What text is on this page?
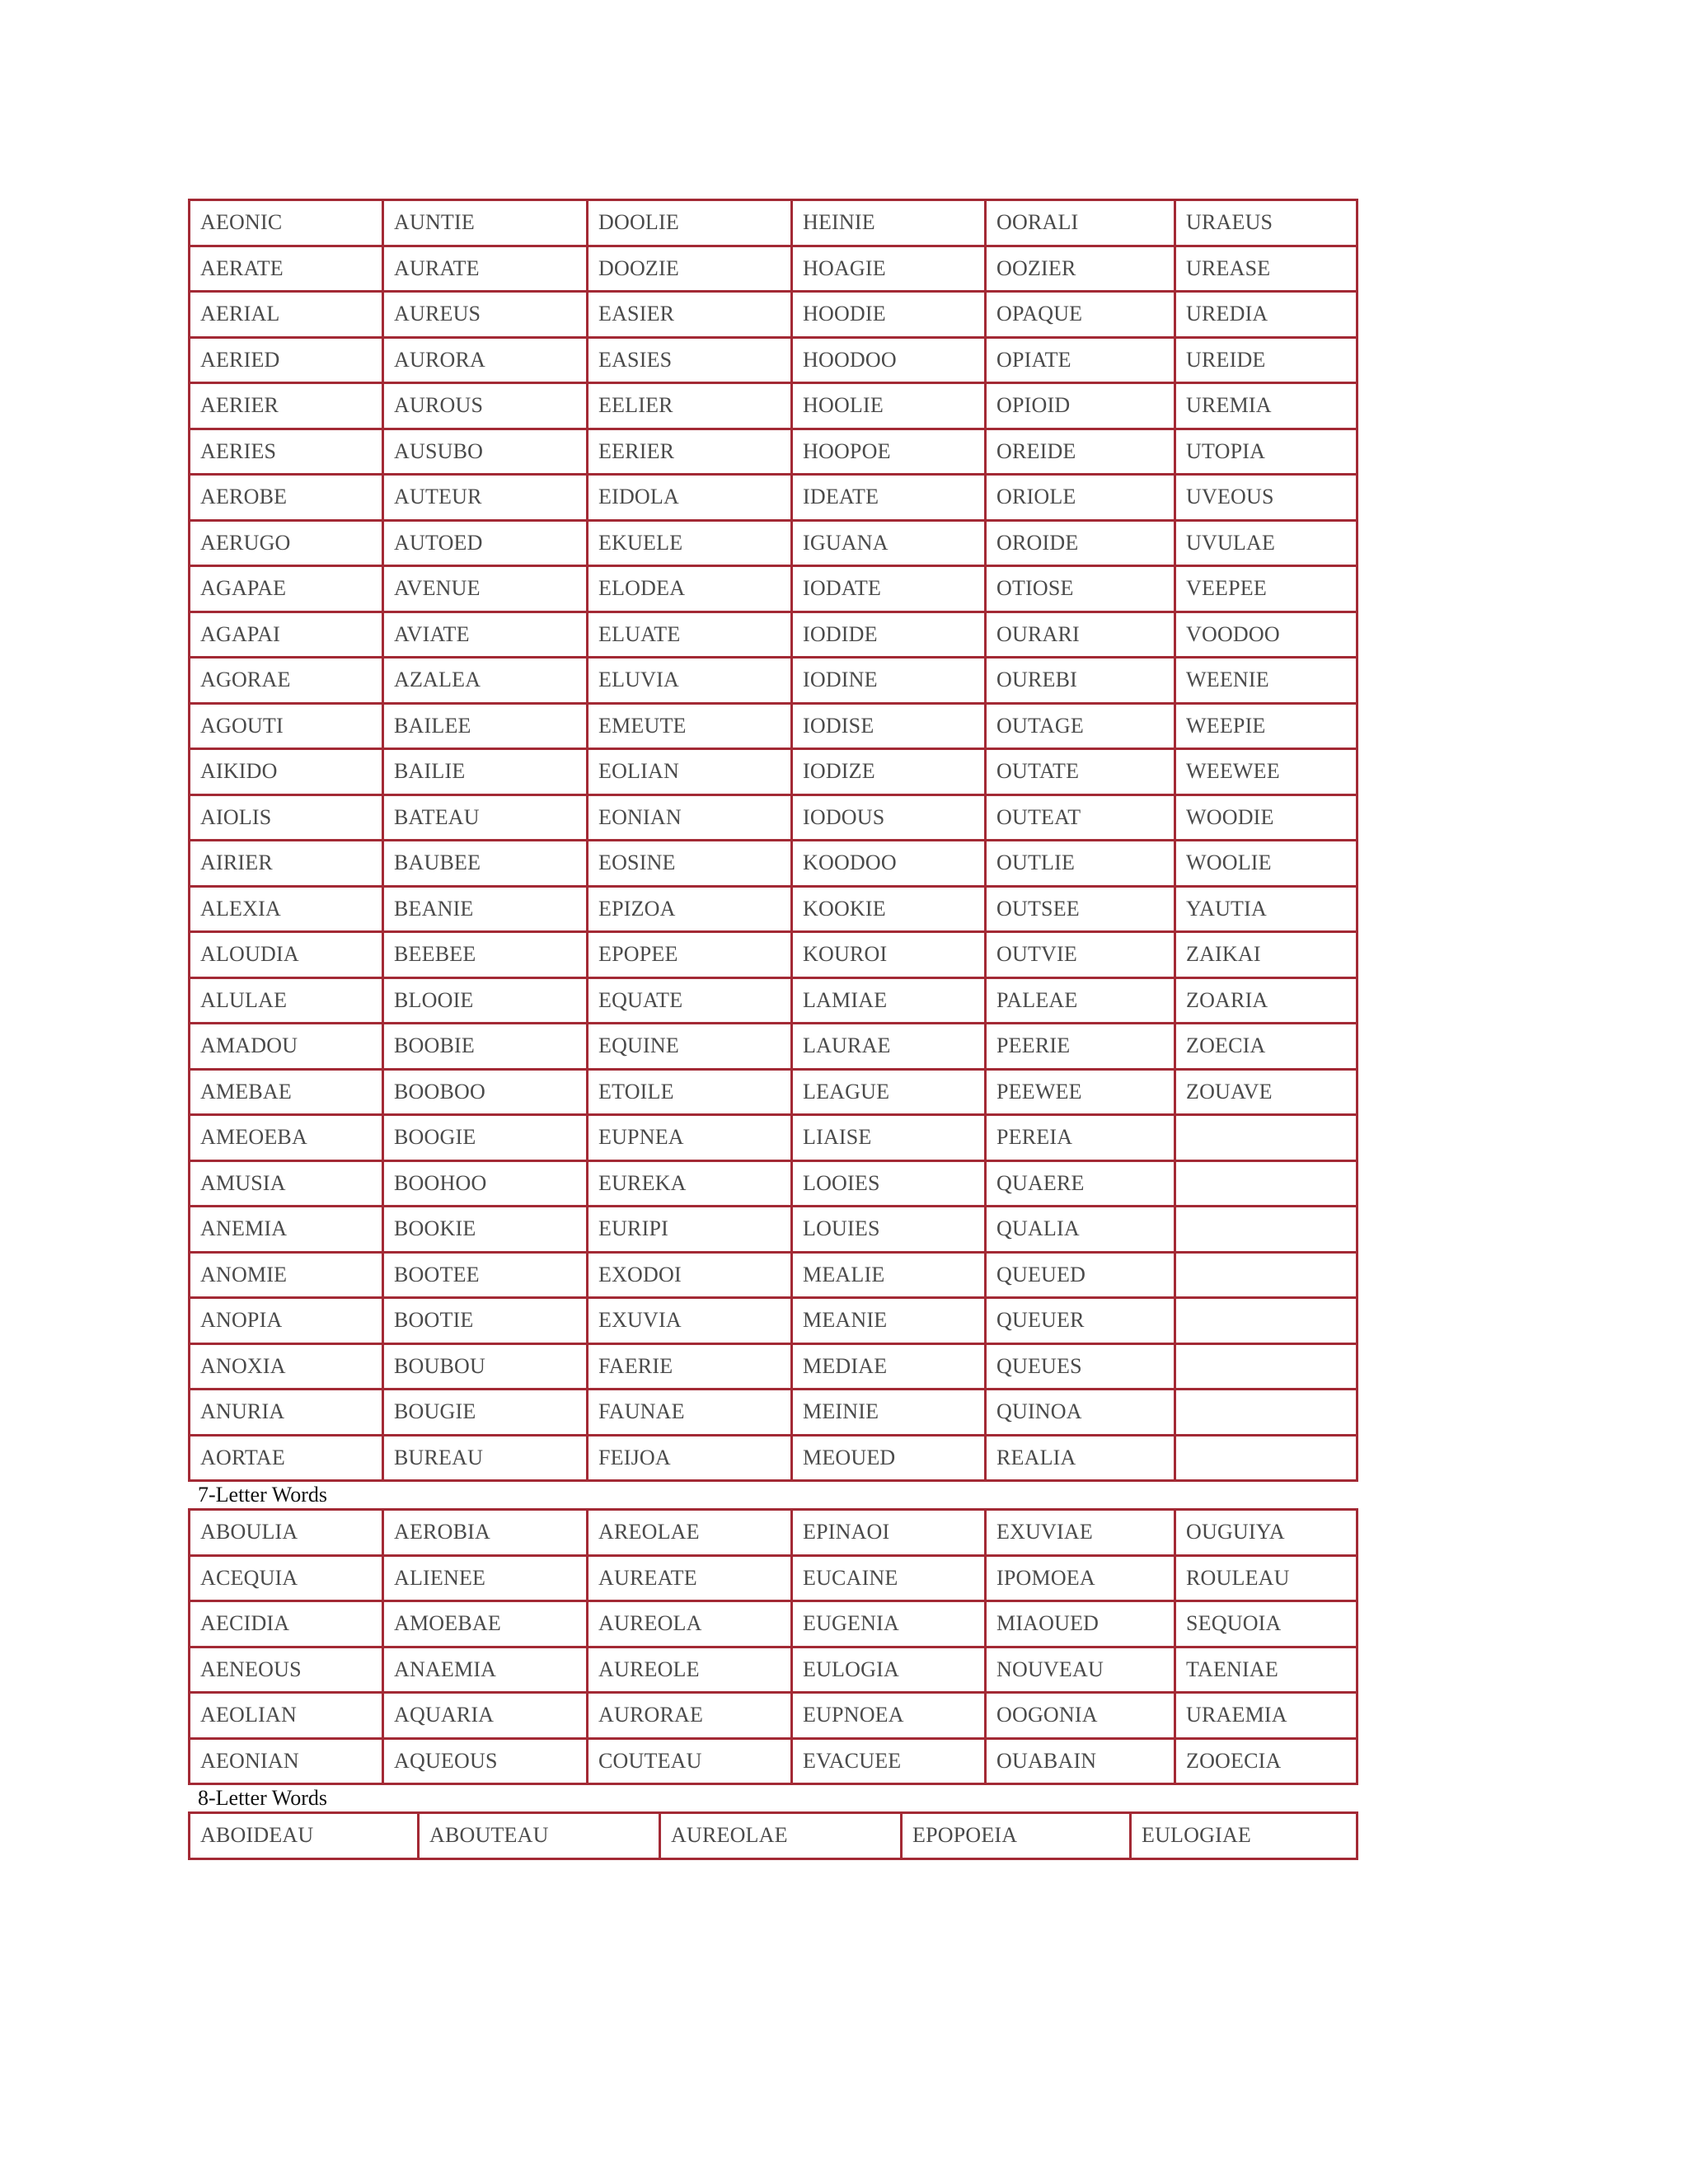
AEONIC	AUNTIE	DOOLIE	HEINIE	OORALI	URAEUS
AERATE	AURATE	DOOZIE	HOAGIE	OOZIER	UREASE
AERIAL	AUREUS	EASIER	HOODIE	OPAQUE	UREDIA
AERIED	AURORA	EASIES	HOODOO	OPIATE	UREIDE
AERIER	AUROUS	EELIER	HOOLIE	OPIOID	UREMIA
AERIES	AUSUBO	EERIER	HOOPOE	OREIDE	UTOPIA
AEROBE	AUTEUR	EIDOLA	IDEATE	ORIOLE	UVEOUS
AERUGO	AUTOED	EKUELE	IGUANA	OROIDE	UVULAE
AGAPAE	AVENUE	ELODEA	IODATE	OTIOSE	VEEPEE
AGAPAI	AVIATE	ELUATE	IODIDE	OURARI	VOODOO
AGORAE	AZALEA	ELUVIA	IODINE	OUREBI	WEENIE
AGOUTI	BAILEE	EMEUTE	IODISE	OUTAGE	WEEPIE
AIKIDO	BAILIE	EOLIAN	IODIZE	OUTATE	WEEWEE
AIOLIS	BATEAU	EONIAN	IODOUS	OUTEAT	WOODIE
AIRIER	BAUBEE	EOSINE	KOODOO	OUTLIE	WOOLIE
ALEXIA	BEANIE	EPIZOA	KOOKIE	OUTSEE	YAUTIA
ALOUDIA	BEEBEE	EPOPEE	KOUROI	OUTVIE	ZAIKAI
ALULAE	BLOOIE	EQUATE	LAMIAE	PALEAE	ZOARIA
AMADOU	BOOBIE	EQUINE	LAURAE	PEERIE	ZOECIA
AMEBAE	BOOBOO	ETOILE	LEAGUE	PEEWEE	ZOUAVE
AMEOEBA	BOOGIE	EUPNEA	LIAISE	PEREIA	
AMUSIA	BOOHOO	EUREKA	LOOIES	QUAERE	
ANEMIA	BOOKIE	EURIPI	LOUIES	QUALIA	
ANOMIE	BOOTEE	EXODOI	MEALIE	QUEUED	
ANOPIA	BOOTIE	EXUVIA	MEANIE	QUEUER	
ANOXIA	BOUBOU	FAERIE	MEDIAE	QUEUES	
ANURIA	BOUGIE	FAUNAE	MEINIE	QUINOA	
AORTAE	BUREAU	FEIJOA	MEOUED	REALIA	
7-Letter Words
ABOULIA	AEROBIA	AREOLAE	EPINAOI	EXUVIAE	OUGUIYA
ACEQUIA	ALIENEE	AUREATE	EUCAINE	IPOMOEA	ROULEAU
AECIDIA	AMOEBAE	AUREOLA	EUGENIA	MIAOUED	SEQUOIA
AENEOUS	ANAEMIA	AUREOLE	EULOGIA	NOUVEAU	TAENIAE
AEOLIAN	AQUARIA	AURORAE	EUPNOEA	OOGONIA	URAEMIA
AEONIAN	AQUEOUS	COUTEAU	EVACUEE	OUABAIN	ZOOECIA
8-Letter Words
ABOIDEAU	ABOUTEAU	AUREOLAE	EPOPOEIA	EULOGIAE
